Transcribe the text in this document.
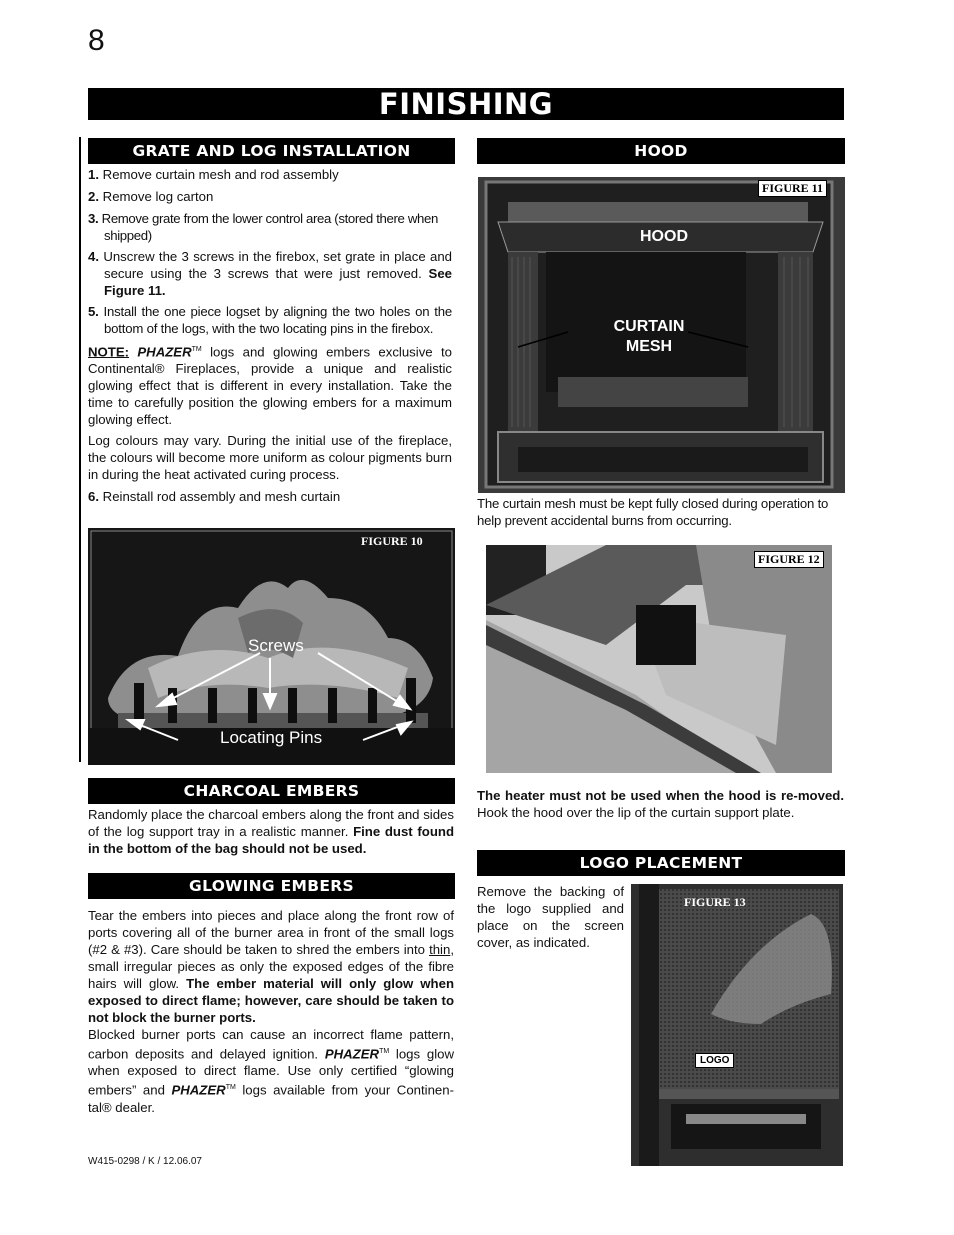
8
FINISHING
GRATE AND LOG INSTALLATION

1. Remove curtain mesh and rod assembly

2. Remove log carton

3. Remove grate from the lower control area (stored there when shipped)

4. Unscrew the 3 screws in the firebox, set grate in place and secure using the 3 screws that were just removed. See Figure 11.

5. Install the one piece logset by aligning the two holes on the bottom of the logs, with the two locating pins in the firebox.

NOTE: PHAZER™ logs and glowing embers exclusive to Continental® Fireplaces, provide a unique and realistic glowing effect that is different in every installation. Take the time to carefully position the glowing embers for a maximum glowing effect.

Log colours may vary. During the initial use of the fireplace, the colours will become more uniform as colour pigments burn in during the heat activated curing process.

6. Reinstall rod assembly and mesh curtain

FIGURE 10
Screws
Locating Pins
CHARCOAL EMBERS
Randomly place the charcoal embers along the front and sides of the log support tray in a realistic manner. Fine dust found in the bottom of the bag should not be used.
GLOWING EMBERS

Tear the embers into pieces and place along the front row of ports covering all of the burner area in front of the small logs (#2 & #3). Care should be taken to shred the embers into thin, small irregular pieces as only the exposed edges of the fibre hairs will glow. The ember material will only glow when exposed to direct flame; however, care should be taken to not block the burner ports.

Blocked burner ports can cause an incorrect flame pattern, carbon deposits and delayed ignition. PHAZER™ logs glow when exposed to direct flame. Use only certified “glowing embers” and PHAZER™ logs available from your Continen-tal® dealer.

HOOD
FIGURE 11
HOOD
CURTAIN
MESH
The curtain mesh must be kept fully closed during operation to help prevent accidental burns from occurring.
FIGURE 12
The heater must not be used when the hood is re-moved. Hook the hood over the lip of the curtain support plate.
LOGO PLACEMENT
Remove the backing of the logo supplied and place on the screen cover, as indicated.
FIGURE 13
LOGO
W415-0298 / K / 12.06.07
